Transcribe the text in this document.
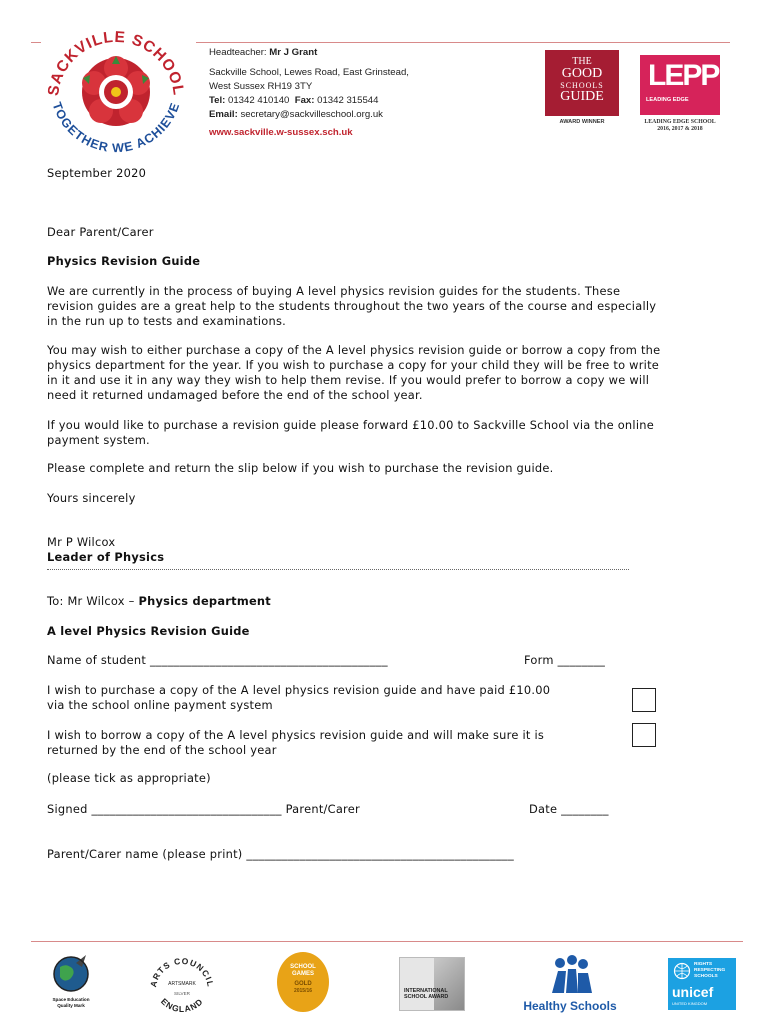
SACKVILLE SCHOOL
TOGETHER WE ACHIEVE
Headteacher: Mr J Grant
Sackville School, Lewes Road, East Grinstead,
West Sussex RH19 3TY
Tel: 01342 410140 Fax: 01342 315544
Email: secretary@sackvilleschool.org.uk
www.sackville.w-sussex.sch.uk
THE
GOOD
SCHOOLS
GUIDE
AWARD WINNER
LEPP
LEADING EDGE
LEADING EDGE SCHOOL
2016, 2017 & 2018
September 2020
Dear Parent/Carer
Physics Revision Guide
We are currently in the process of buying A level physics revision guides for the students. These
revision guides are a great help to the students throughout the two years of the course and especially
in the run up to tests and examinations.
You may wish to either purchase a copy of the A level physics revision guide or borrow a copy from the
physics department for the year. If you wish to purchase a copy for your child they will be free to write
in it and use it in any way they wish to help them revise. If you would prefer to borrow a copy we will
need it returned undamaged before the end of the school year.
If you would like to purchase a revision guide please forward £10.00 to Sackville School via the online
payment system.
Please complete and return the slip below if you wish to purchase the revision guide.
Yours sincerely
Mr P Wilcox
Leader of Physics
To: Mr Wilcox – Physics department
A level Physics Revision Guide
Name of student ________________________________________	Form ________
I wish to purchase a copy of the A level physics revision guide and have paid £10.00
via the school online payment system
I wish to borrow a copy of the A level physics revision guide and will make sure it is
returned by the end of the school year
(please tick as appropriate)
Signed ________________________________ Parent/Carer	Date ________
Parent/Carer name (please print) _____________________________________________
Space Education
Quality Mark
ARTS COUNCIL
ENGLAND
ARTSMARK
SILVER
SCHOOL
GAMES
GOLD
2015/16	INTERNATIONAL
SCHOOL AWARD
Healthy Schools
RIGHTS
RESPECTING
SCHOOLS
unicef
UNITED KINGDOM
